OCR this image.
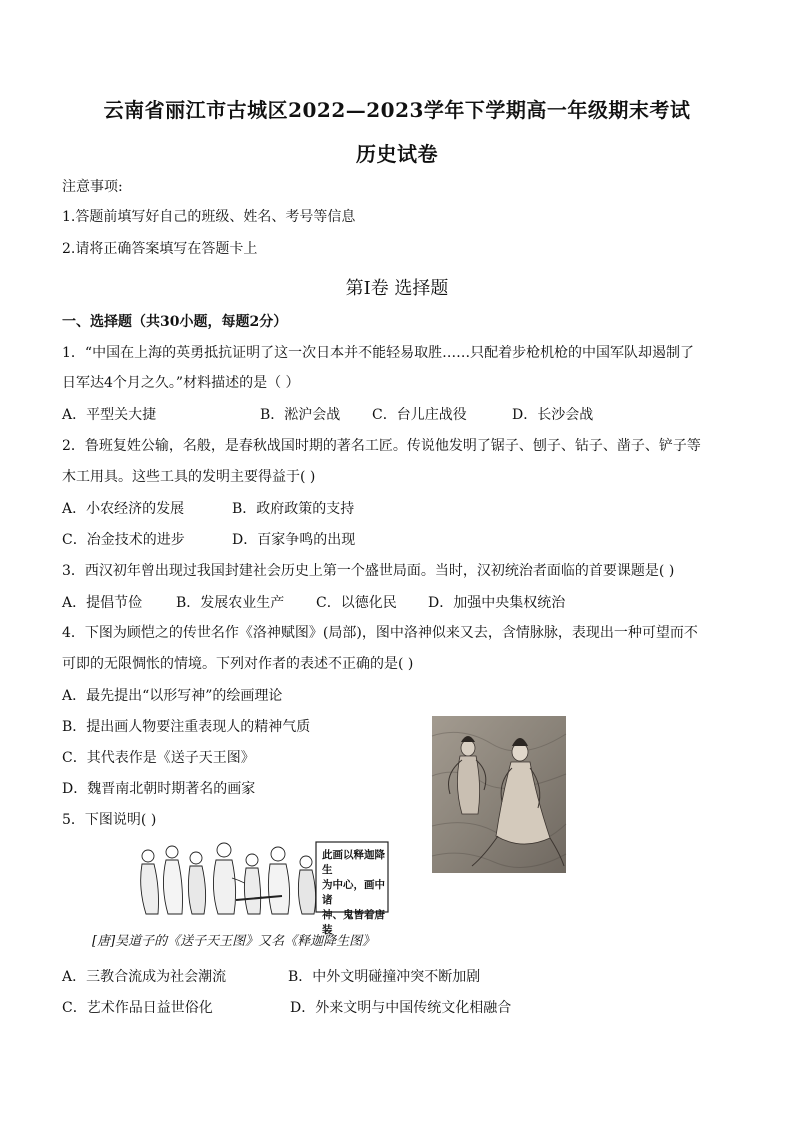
云南省丽江市古城区2022—2023学年下学期高一年级期末考试
历史试卷
注意事项:
1.答题前填写好自己的班级、姓名、考号等信息
2.请将正确答案填写在答题卡上
第Ⅰ卷 选择题
一、选择题（共30小题，每题2分）
1．“中国在上海的英勇抵抗证明了这一次日本并不能轻易取胜……只配着步枪机枪的中国军队却遏制了
日军达4个月之久。”材料描述的是（ ）
A．平型关大捷	B．淞沪会战 C．台儿庄战役	D．长沙会战
2．鲁班复姓公输，名般，是春秋战国时期的著名工匠。传说他发明了锯子、刨子、钻子、凿子、铲子等
木工用具。这些工具的发明主要得益于( )
A．小农经济的发展	B．政府政策的支持
C．冶金技术的进步	D．百家争鸣的出现
3．西汉初年曾出现过我国封建社会历史上第一个盛世局面。当时，汉初统治者面临的首要课题是( )
A．提倡节俭 B．发展农业生产 C．以德化民 D．加强中央集权统治
4．下图为顾恺之的传世名作《洛神赋图》(局部)，图中洛神似来又去，含情脉脉，表现出一种可望而不
可即的无限惆怅的情境。下列对作者的表述不正确的是( )
A．最先提出“以形写神”的绘画理论
B．提出画人物要注重表现人的精神气质
C．其代表作是《送子天王图》
D．魏晋南北朝时期著名的画家
5．下图说明( )
此画以释迦降生
为中心，画中诸
神、鬼皆着唐装
[唐]吴道子的《送子天王图》又名《释迦降生图》
A．三教合流成为社会潮流	B．中外文明碰撞冲突不断加剧
C．艺术作品日益世俗化	D．外来文明与中国传统文化相融合
